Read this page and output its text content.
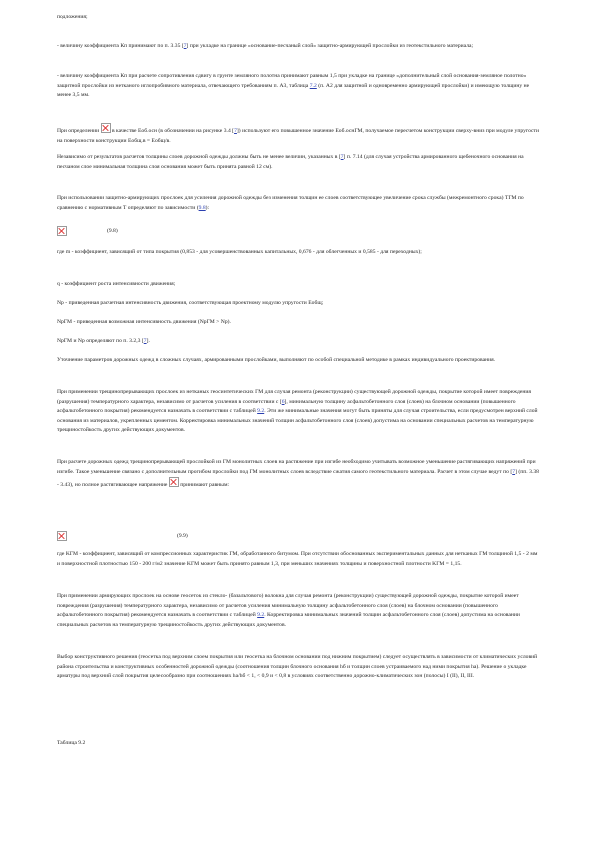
подложения;

- величину коэффициента Кп принимают по п. 3.35 [7] при укладке на границе «основание-песчаный слой» защитно-армирующей прослойки из геотекстильного материала;

- величину коэффициента Кп при расчете сопротивления сдвигу в грунте земляного полотна принимают равным 1,5 при укладке на границе «дополнительный слой основания-земляное полотно» защитной прослойки из нетканого иглопробивного материала, отвечающего требованиям п. А3, таблица 7.2 (п. А2 для защитной и одновременно армирующей прослойки) и имеющую толщину не менее 3,5 мм.

При определении  в качестве Eоб.осн (в обозначении на рисунке 3.4 [7]) используют его повышенное значение Eоб.оснГМ, получаемое пересчетом конструкции сверху-вниз при модуле упругости на поверхности конструкции Eобщ.в = Eобщ/в.

Независимо от результатов расчетов толщины слоев дорожной одежды должны быть не менее величин, указанных в [7] п. 7.14 (для случая устройства армированного щебеночного основания на песчаном слое минимальная толщина слоя основания может быть принята равной 12 см).

При использовании защитно-армирующих прослоек для усиления дорожной одежды без изменения толщин ее слоев соответствующее увеличение срока службы (межремонтного срока) ТГМ по сравнению с нормативным Т определяют по зависимости (9.8):

(9.8)

где m - коэффициент, зависящий от типа покрытия (0,853 - для усовершенствованных капитальных, 0,676 - для облегченных и 0,585 - для переходных);

q - коэффициент роста интенсивности движения;

Np - приведенная расчетная интенсивность движения, соответствующая проектному модулю упругости Eобщ;

NpГМ - приведенная возможная интенсивность движения (NpГМ > Np).

NpГМ и Np определяют по п. 3.2,3 [7].

Уточнение параметров дорожных одежд в сложных случаях, армированными прослойками, выполняют по особой специальной методике в рамках индивидуального проектирования.

При применении трещинопрерывающих прослоек из нетканых геосинтетических ГМ для случая ремонта (реконструкции) существующей дорожной одежды, покрытие которой имеет повреждения (разрушения) температурного характера, независимо от расчетов усиления в соответствии с [6], минимальную толщину асфальтобетонного слоя (слоев) на блочном основании (повышенного асфальтобетонного покрытия) рекомендуется назначать в соответствии с таблицей 9.2. Эти же минимальные значения могут быть приняты для случая строительства, если предусмотрен верхний слой основания из материалов, укрепленных цементом. Корректировка минимальных значений толщин асфальтобетонного слоя (слоев) допустима на основании специальных расчетов на температурную трещиностойкость других действующих документов.

При расчете дорожных одежд трещинопрерывающей прослойкой из ГМ монолитных слоев на растяжение при изгибе необходимо учитывать возможное уменьшение растягивающих напряжений при изгибе. Такое уменьшение связано с дополнительным прогибом прослойки под ГМ монолитных слоев вследствие сжатия самого геотекстильного материала. Расчет в этом случае ведут по [7] (пп. 3.38 - 3.43), но полное растягивающее напряжение  принимают равным:

(9.9)

где KГМ - коэффициент, зависящий от компрессионных характеристик ГМ, обработанного битумом. При отсутствии обоснованных экспериментальных данных для нетканых ГМ толщиной 1,5 - 2 мм и поверхностной плотностью 150 - 200 г/м2 значение KГМ может быть принято равным 1,3, при меньших значениях толщины и поверхностной плотности KГМ = 1,15.

При применении армирующих прослоек на основе геосеток из стекло- (базальтового) волокна для случая ремонта (реконструкции) существующей дорожной одежды, покрытие которой имеет повреждения (разрушения) температурного характера, независимо от расчетов усиления минимальную толщину асфальтобетонного слоя (слоев) на блочном основании (повышенного асфальтобетонного покрытия) рекомендуется назначать в соответствии с таблицей 9.2. Корректировка минимальных значений толщин асфальтобетонного слоя (слоев) допустима на основании специальных расчетов на температурную трещиностойкость других действующих документов.

Выбор конструктивного решения (геосетка под верхним слоем покрытия или геосетка на блочном основании под нижним покрытием) следует осуществлять в зависимости от климатических условий района строительства и конструктивных особенностей дорожной одежды (соотношения толщин блочного основания hб и толщин слоев устраиваемого над ними покрытия hа). Решение о укладке арматуры под верхний слой покрытия целесообразно при соотношениях hа/hб < 1, < 0,9 и < 0,8 в условиях соответственно дорожно-климатических зон (полосы) I (II), II, III.

Таблица 9.2
